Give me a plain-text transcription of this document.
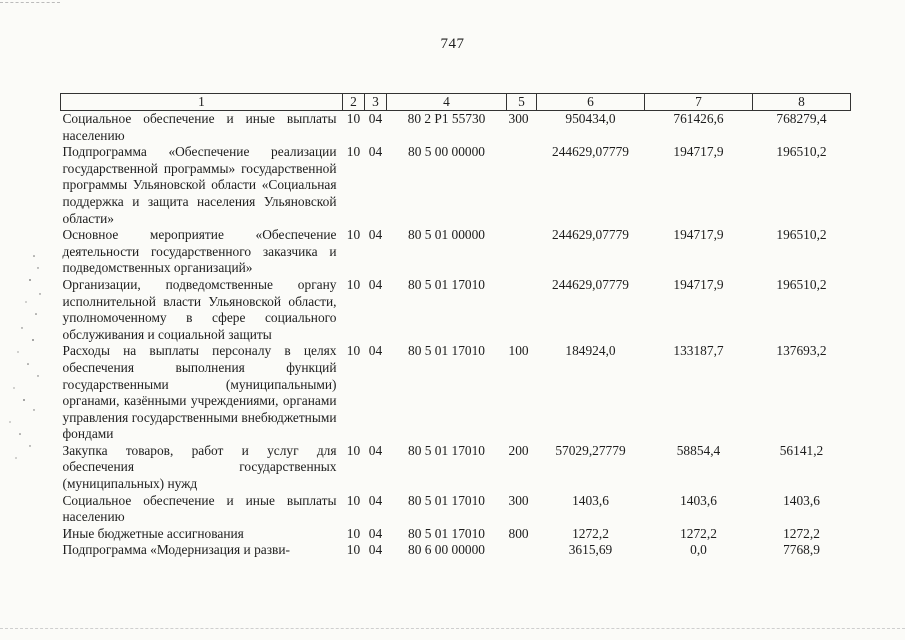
747
1	2	3	4	5	6	7	8
Социальное обеспечение и иные выплаты населению	10	04	80 2 P1 55730	300	950434,0	761426,6	768279,4
Подпрограмма «Обеспечение реализации государственной программы» государственной программы Ульяновской области «Социальная поддержка и защита населения Ульяновской области»	10	04	80 5 00 00000		244629,07779	194717,9	196510,2
Основное мероприятие «Обеспечение деятельности государственного заказчика и подведомственных организаций»	10	04	80 5 01 00000		244629,07779	194717,9	196510,2
Организации, подведомственные органу исполнительной власти Ульяновской области, уполномоченному в сфере социального обслуживания и социальной защиты	10	04	80 5 01 17010		244629,07779	194717,9	196510,2
Расходы на выплаты персоналу в целях обеспечения выполнения функций государственными (муниципальными) органами, казёнными учреждениями, органами управления государственными внебюджетными фондами	10	04	80 5 01 17010	100	184924,0	133187,7	137693,2
Закупка товаров, работ и услуг для обеспечения государственных (муниципальных) нужд	10	04	80 5 01 17010	200	57029,27779	58854,4	56141,2
Социальное обеспечение и иные выплаты населению	10	04	80 5 01 17010	300	1403,6	1403,6	1403,6
Иные бюджетные ассигнования	10	04	80 5 01 17010	800	1272,2	1272,2	1272,2
Подпрограмма «Модернизация и разви-	10	04	80 6 00 00000		3615,69	0,0	7768,9
